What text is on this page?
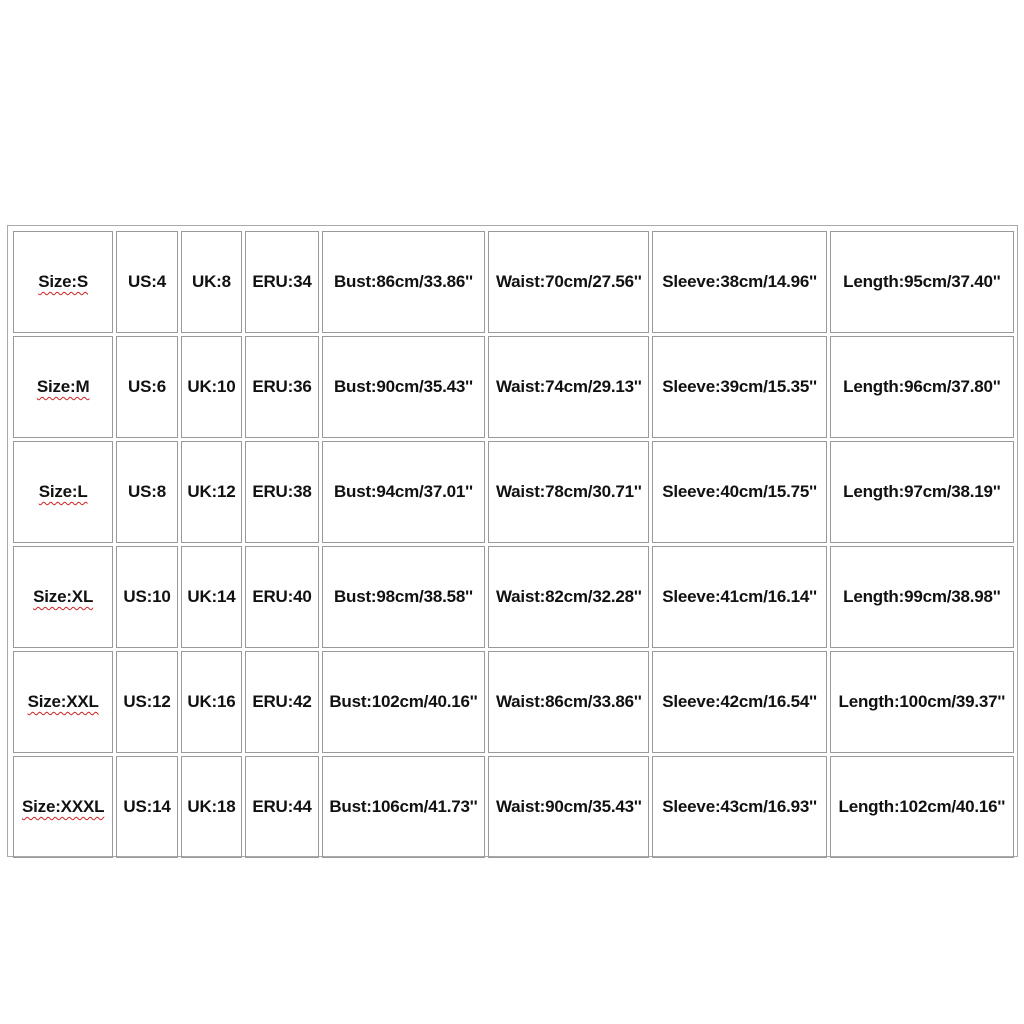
Size:S	US:4	UK:8	ERU:34	Bust:86cm/33.86''	Waist:70cm/27.56''	Sleeve:38cm/14.96''	Length:95cm/37.40''
Size:M	US:6	UK:10	ERU:36	Bust:90cm/35.43''	Waist:74cm/29.13''	Sleeve:39cm/15.35''	Length:96cm/37.80''
Size:L	US:8	UK:12	ERU:38	Bust:94cm/37.01''	Waist:78cm/30.71''	Sleeve:40cm/15.75''	Length:97cm/38.19''
Size:XL	US:10	UK:14	ERU:40	Bust:98cm/38.58''	Waist:82cm/32.28''	Sleeve:41cm/16.14''	Length:99cm/38.98''
Size:XXL	US:12	UK:16	ERU:42	Bust:102cm/40.16''	Waist:86cm/33.86''	Sleeve:42cm/16.54''	Length:100cm/39.37''
Size:XXXL	US:14	UK:18	ERU:44	Bust:106cm/41.73''	Waist:90cm/35.43''	Sleeve:43cm/16.93''	Length:102cm/40.16''
